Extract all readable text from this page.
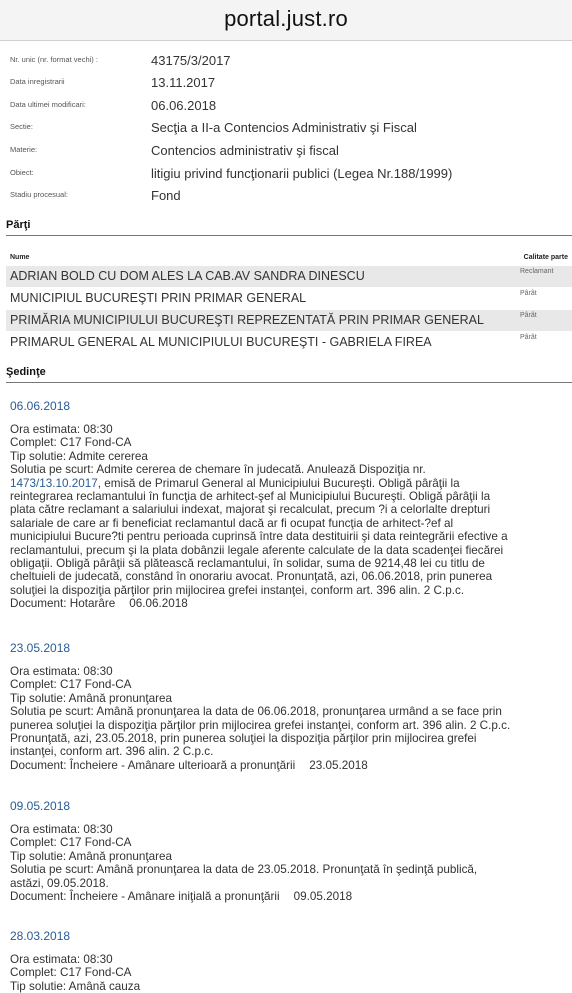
portal.just.ro
Nr. unic (nr. format vechi) :	43175/3/2017
Data inregistrarii	13.11.2017
Data ultimei modificari:	06.06.2018
Sectie:	Secţia a II-a Contencios Administrativ şi Fiscal
Materie:	Contencios administrativ şi fiscal
Obiect:	litigiu privind funcţionarii publici (Legea Nr.188/1999)
Stadiu procesual:	Fond
Părţi
Nume	Calitate parte
ADRIAN BOLD CU DOM ALES LA CAB.AV SANDRA DINESCU	Reclamant
MUNICIPIUL BUCUREŞTI PRIN PRIMAR GENERAL	Pârât
PRIMĂRIA MUNICIPIULUI BUCUREŞTI REPREZENTATĂ PRIN PRIMAR GENERAL	Pârât
PRIMARUL GENERAL AL MUNICIPIULUI BUCUREŞTI - GABRIELA FIREA	Pârât
Şedinţe
06.06.2018
Ora estimata: 08:30
Complet: C17 Fond-CA
Tip solutie: Admite cererea
Solutia pe scurt: Admite cererea de chemare în judecată. Anulează Dispoziţia nr.
1473/13.10.2017, emisă de Primarul General al Municipiului Bucureşti. Obligă pârâţii la
reintegrarea reclamantului în funcţia de arhitect-şef al Municipiului Bucureşti. Obligă pârâţii la
plata către reclamant a salariului indexat, majorat şi recalculat, precum ?i a celorlalte drepturi
salariale de care ar fi beneficiat reclamantul dacă ar fi ocupat funcţia de arhitect-?ef al
municipiului Bucure?ti pentru perioada cuprinsă între data destituirii şi data reintegrării efective a
reclamantului, precum şi la plata dobânzii legale aferente calculate de la data scadenţei fiecărei
obligaţii. Obligă pârâţii să plătească reclamantului, în solidar, suma de 9214,48 lei cu titlu de
cheltuieli de judecată, constând în onorariu avocat. Pronunţată, azi, 06.06.2018, prin punerea
soluţiei la dispoziţia părţilor prin mijlocirea grefei instanţei, conform art. 396 alin. 2 C.p.c.
Document: Hotarâre 06.06.2018
23.05.2018
Ora estimata: 08:30
Complet: C17 Fond-CA
Tip solutie: Amână pronunţarea
Solutia pe scurt: Amână pronunţarea la data de 06.06.2018, pronunţarea urmând a se face prin
punerea soluţiei la dispoziţia părţilor prin mijlocirea grefei instanţei, conform art. 396 alin. 2 C.p.c.
Pronunţată, azi, 23.05.2018, prin punerea soluţiei la dispoziţia părţilor prin mijlocirea grefei
instanţei, conform art. 396 alin. 2 C.p.c.
Document: Încheiere - Amânare ulterioară a pronunţării 23.05.2018
09.05.2018
Ora estimata: 08:30
Complet: C17 Fond-CA
Tip solutie: Amână pronunţarea
Solutia pe scurt: Amână pronunţarea la data de 23.05.2018. Pronunţată în şedinţă publică,
astăzi, 09.05.2018.
Document: Încheiere - Amânare iniţială a pronunţării 09.05.2018
28.03.2018
Ora estimata: 08:30
Complet: C17 Fond-CA
Tip solutie: Amână cauza
